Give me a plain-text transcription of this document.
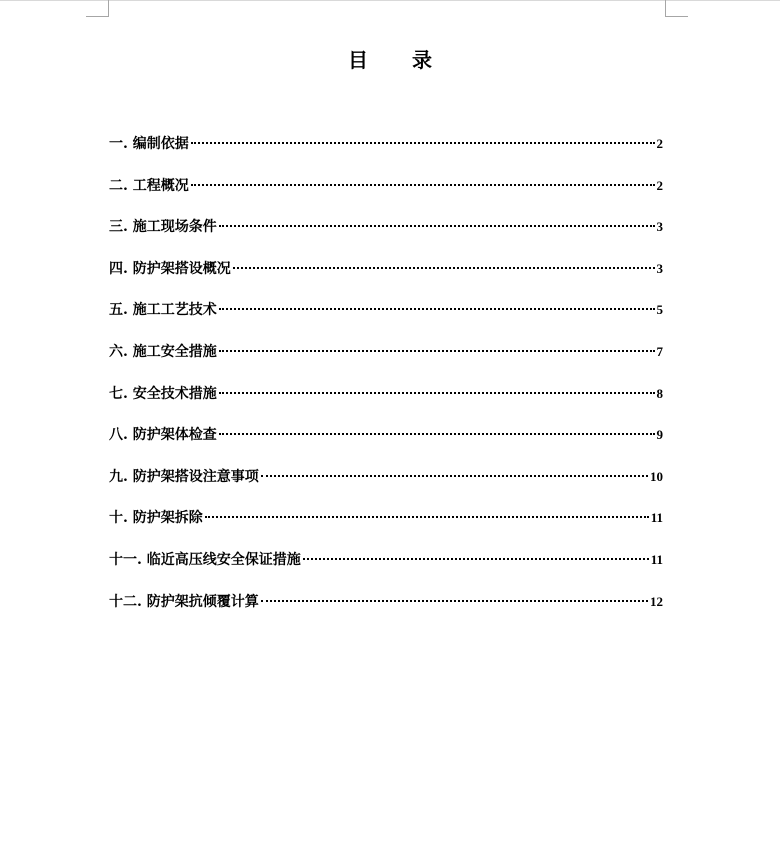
目 录
一. 编制依据	2
二. 工程概况	2
三. 施工现场条件	3
四. 防护架搭设概况	3
五. 施工工艺技术	5
六. 施工安全措施	7
七. 安全技术措施	8
八. 防护架体检查	9
九. 防护架搭设注意事项	10
十. 防护架拆除	11
十一. 临近高压线安全保证措施	11
十二. 防护架抗倾覆计算	12
